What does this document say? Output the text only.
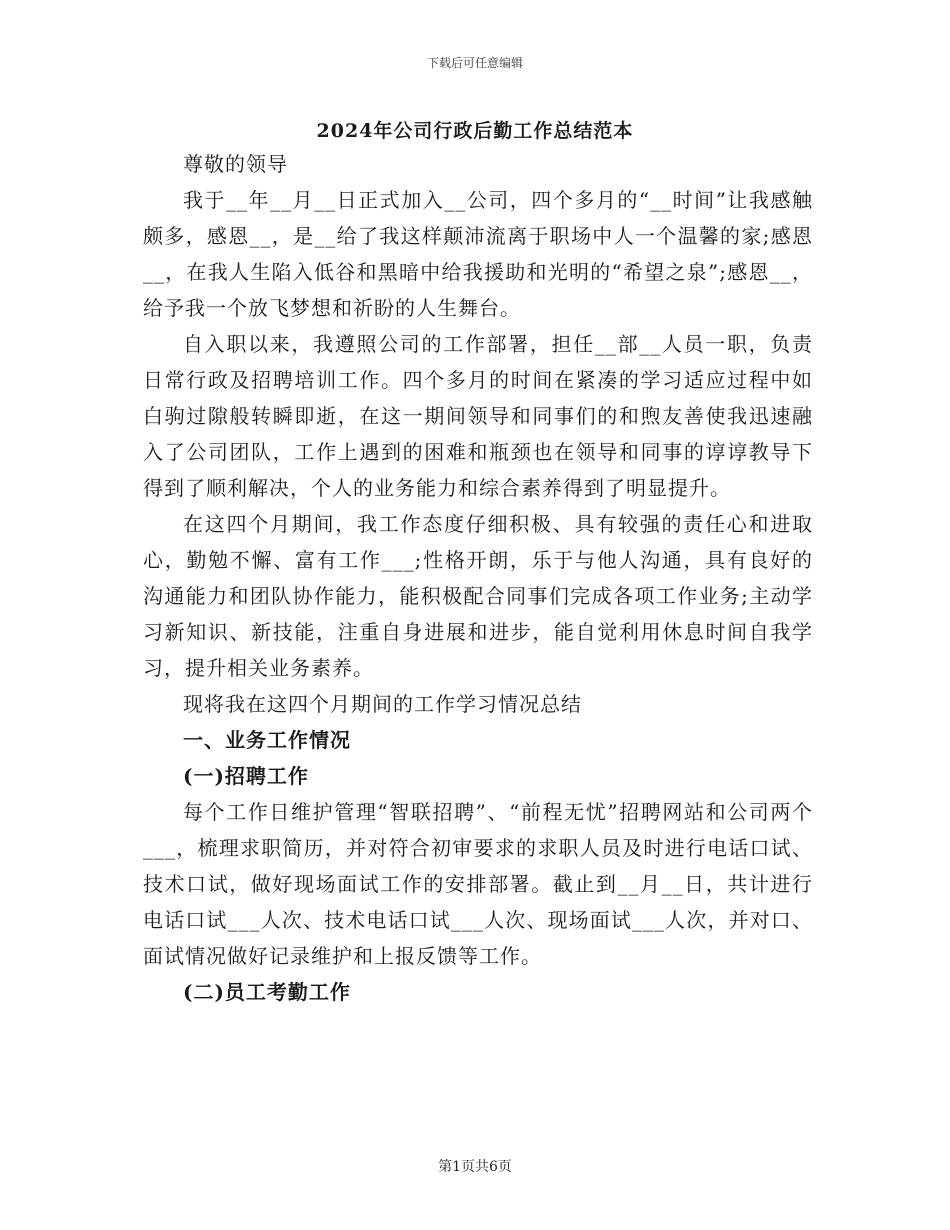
下载后可任意编辑
2024年公司行政后勤工作总结范本

尊敬的领导

我于__年__月__日正式加入__公司，四个多月的“__时间”让我感触颇多，感恩__，是__给了我这样颠沛流离于职场中人一个温馨的家;感恩__，在我人生陷入低谷和黑暗中给我援助和光明的“希望之泉”;感恩__，给予我一个放飞梦想和祈盼的人生舞台。

自入职以来，我遵照公司的工作部署，担任__部__人员一职，负责日常行政及招聘培训工作。四个多月的时间在紧凑的学习适应过程中如白驹过隙般转瞬即逝，在这一期间领导和同事们的和煦友善使我迅速融入了公司团队，工作上遇到的困难和瓶颈也在领导和同事的谆谆教导下得到了顺利解决，个人的业务能力和综合素养得到了明显提升。

在这四个月期间，我工作态度仔细积极、具有较强的责任心和进取心，勤勉不懈、富有工作___;性格开朗，乐于与他人沟通，具有良好的沟通能力和团队协作能力，能积极配合同事们完成各项工作业务;主动学习新知识、新技能，注重自身进展和进步，能自觉利用休息时间自我学习，提升相关业务素养。

现将我在这四个月期间的工作学习情况总结

一、业务工作情况

(一)招聘工作

每个工作日维护管理“智联招聘”、“前程无忧”招聘网站和公司两个___，梳理求职简历，并对符合初审要求的求职人员及时进行电话口试、技术口试，做好现场面试工作的安排部署。截止到__月__日，共计进行电话口试___人次、技术电话口试___人次、现场面试___人次，并对口、面试情况做好记录维护和上报反馈等工作。

(二)员工考勤工作

第1页共6页
